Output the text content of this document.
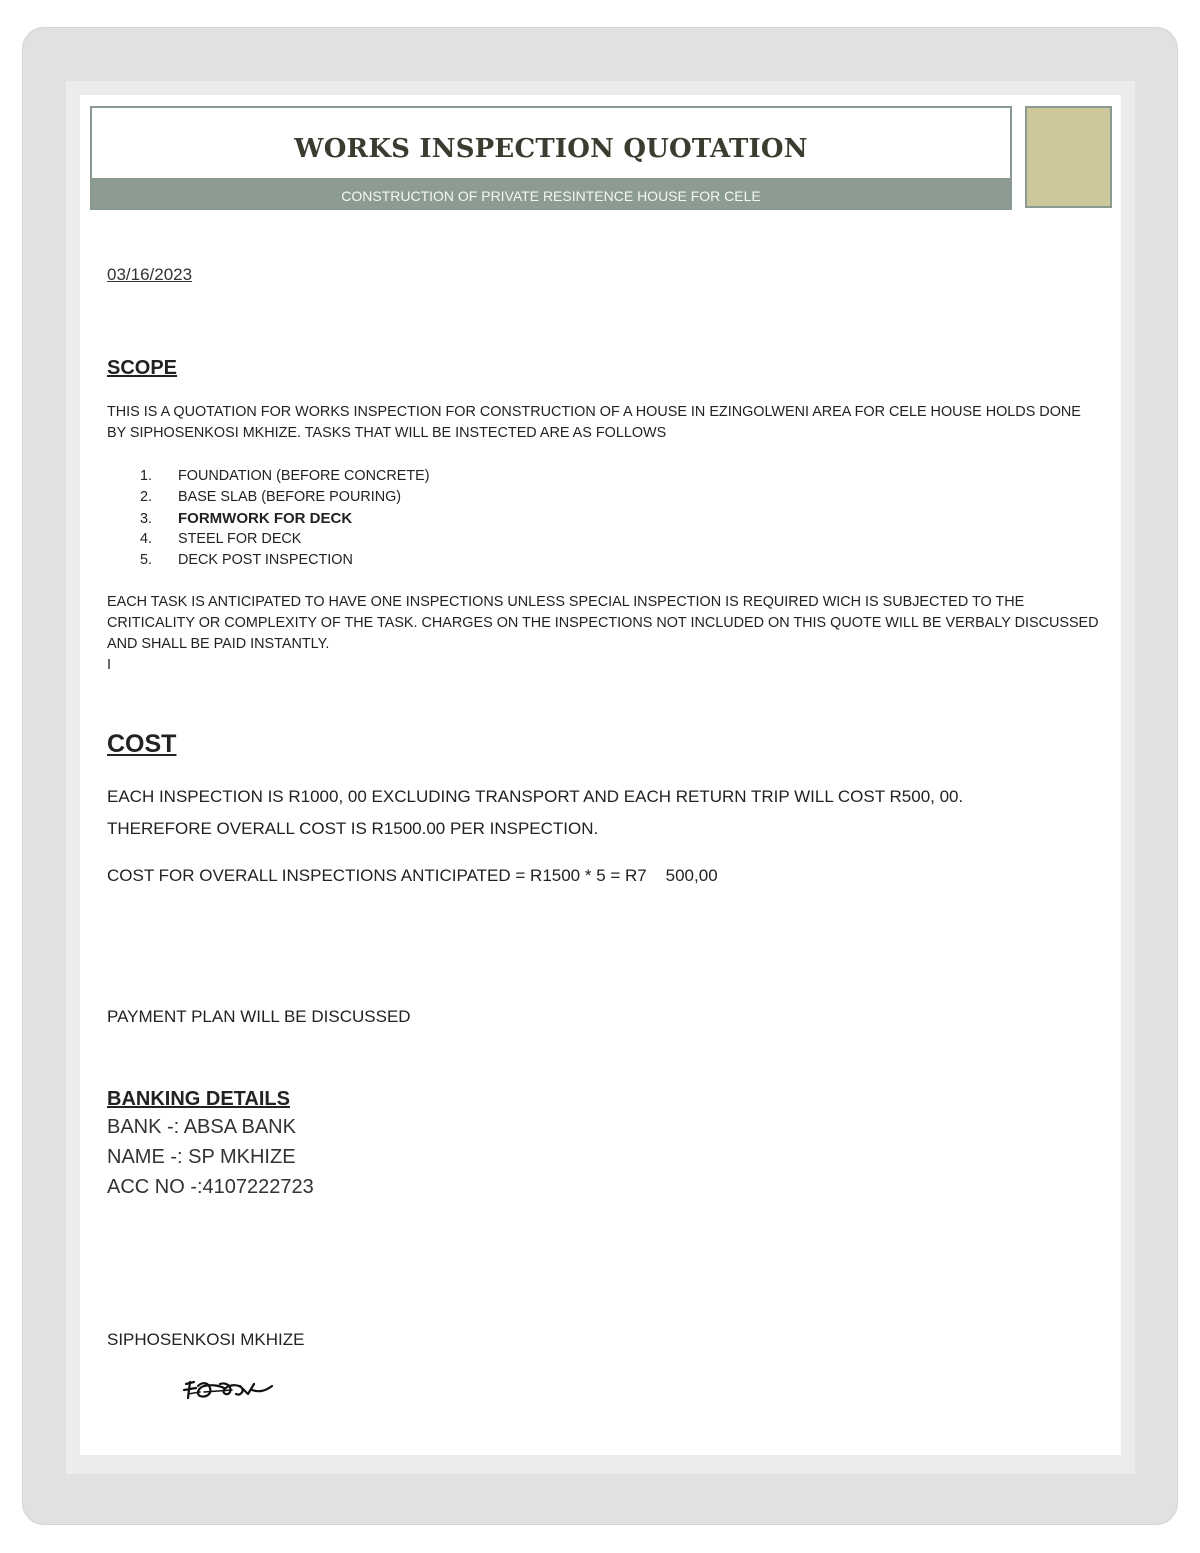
WORKS INSPECTION QUOTATION
CONSTRUCTION OF PRIVATE RESINTENCE HOUSE FOR CELE
03/16/2023
SCOPE
THIS IS A QUOTATION FOR WORKS INSPECTION FOR CONSTRUCTION OF A HOUSE IN EZINGOLWENI AREA FOR CELE HOUSE HOLDS DONE BY SIPHOSENKOSI MKHIZE. TASKS THAT WILL BE INSTECTED ARE AS FOLLOWS
1. FOUNDATION (BEFORE CONCRETE)
2. BASE SLAB (BEFORE POURING)
3. FORMWORK FOR DECK
4. STEEL FOR DECK
5. DECK POST INSPECTION
EACH TASK IS ANTICIPATED TO HAVE ONE INSPECTIONS UNLESS SPECIAL INSPECTION IS REQUIRED WICH IS SUBJECTED TO THE CRITICALITY OR COMPLEXITY OF THE TASK. CHARGES ON THE INSPECTIONS NOT INCLUDED ON THIS QUOTE WILL BE VERBALY DISCUSSED AND SHALL BE PAID INSTANTLY.
I
COST
EACH INSPECTION IS R1000, 00 EXCLUDING TRANSPORT AND EACH RETURN TRIP WILL COST R500, 00.
THEREFORE OVERALL COST IS R1500.00 PER INSPECTION.
COST FOR OVERALL INSPECTIONS ANTICIPATED = R1500 * 5 = R7    500,00
PAYMENT PLAN WILL BE DISCUSSED
BANKING DETAILS
BANK -: ABSA BANK
NAME -: SP MKHIZE
ACC NO -:4107222723
SIPHOSENKOSI MKHIZE
